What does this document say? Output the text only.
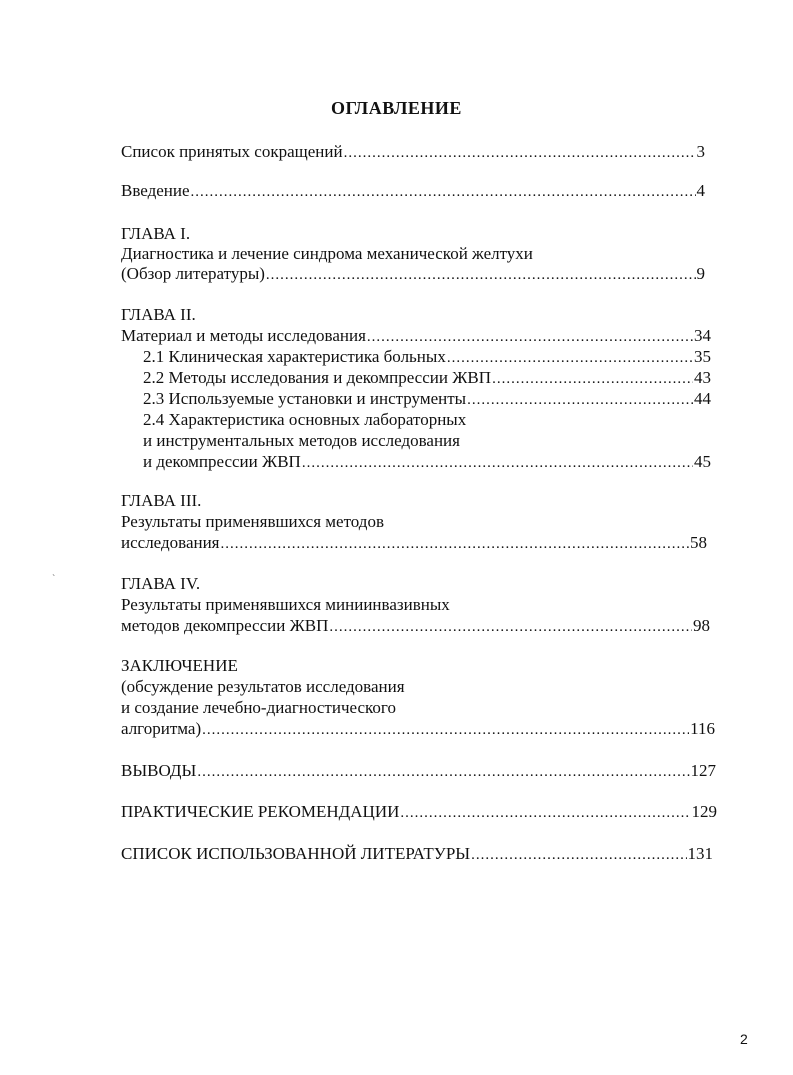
ОГЛАВЛЕНИЕ
Список принятых сокращений .....	3
Введение .....	4
ГЛАВА I.
Диагностика и лечение синдрома механической желтухи
(Обзор литературы) .....	9
ГЛАВА II.
Материал и методы исследования .....	34
2.1 Клиническая характеристика больных .....	35
2.2 Методы исследования и декомпрессии ЖВП .....	43
2.3 Используемые установки и инструменты .....	44
2.4 Характеристика основных лабораторных
и инструментальных методов исследования
и декомпрессии ЖВП .....	45
ГЛАВА III.
Результаты применявшихся методов
исследования .....	58
`	ГЛАВА IV.
Результаты применявшихся миниинвазивных
методов декомпрессии ЖВП .....	98
ЗАКЛЮЧЕНИЕ
(обсуждение результатов исследования
и создание лечебно-диагностического
алгоритма) .....	116
ВЫВОДЫ .....	127
ПРАКТИЧЕСКИЕ РЕКОМЕНДАЦИИ .....	129
СПИСОК ИСПОЛЬЗОВАННОЙ ЛИТЕРАТУРЫ .....	131
2
